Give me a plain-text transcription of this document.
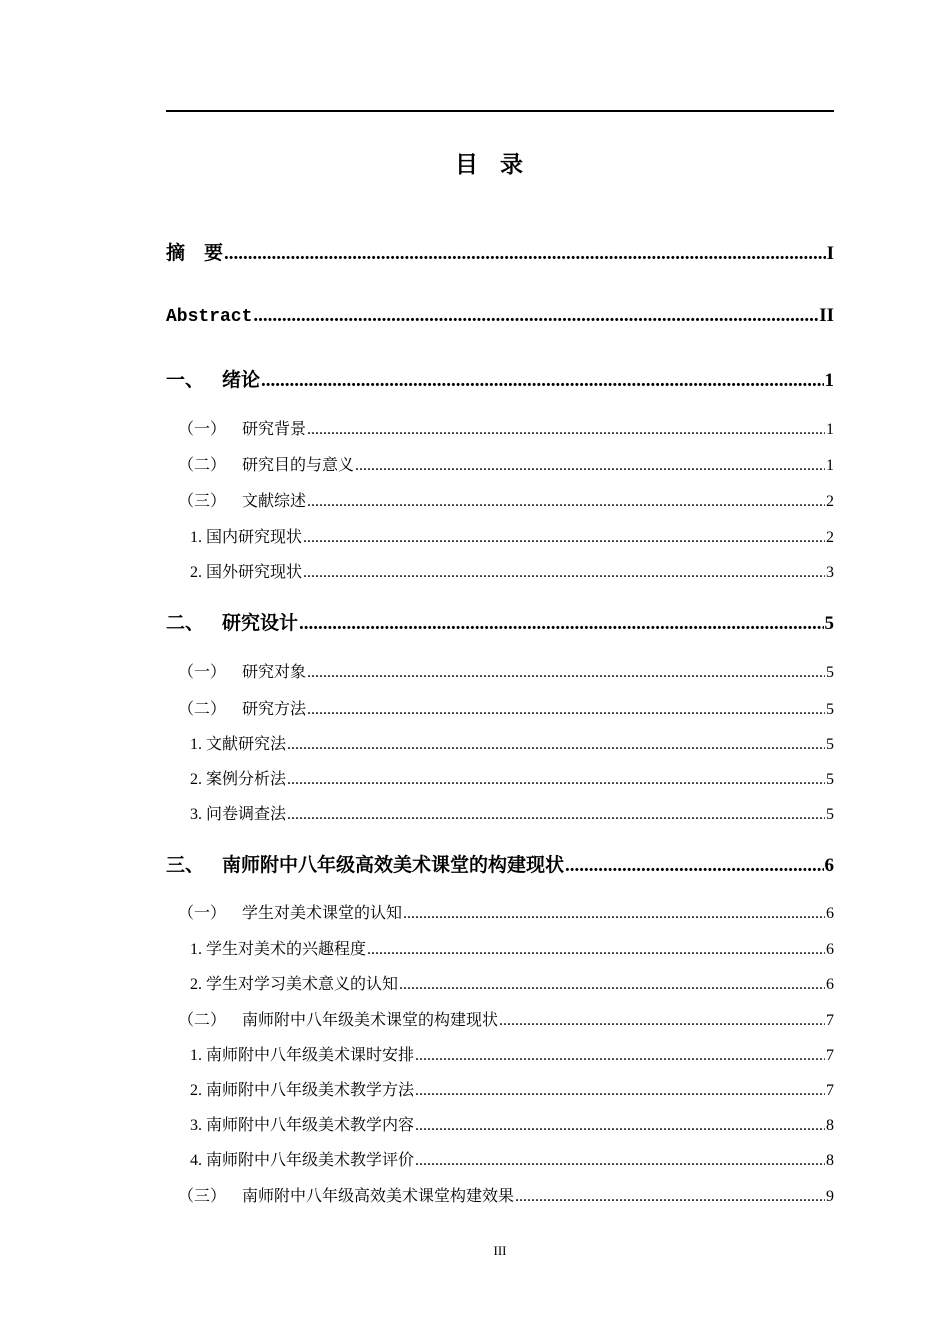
目录
摘　要 .....	I
Abstract .....	II
一、 绪论 .....	1
（一） 研究背景 .....	1
（二） 研究目的与意义 .....	1
（三） 文献综述 .....	2
1. 国内研究现状 .....	2
2. 国外研究现状 .....	3
二、 研究设计 .....	5
（一） 研究对象 .....	5
（二） 研究方法 .....	5
1. 文献研究法 .....	5
2. 案例分析法 .....	5
3. 问卷调查法 .....	5
三、 南师附中八年级高效美术课堂的构建现状 .....	6
（一） 学生对美术课堂的认知 .....	6
1. 学生对美术的兴趣程度 .....	6
2. 学生对学习美术意义的认知 .....	6
（二） 南师附中八年级美术课堂的构建现状 .....	7
1. 南师附中八年级美术课时安排 .....	7
2. 南师附中八年级美术教学方法 .....	7
3. 南师附中八年级美术教学内容 .....	8
4. 南师附中八年级美术教学评价 .....	8
（三） 南师附中八年级高效美术课堂构建效果 .....	9
III
